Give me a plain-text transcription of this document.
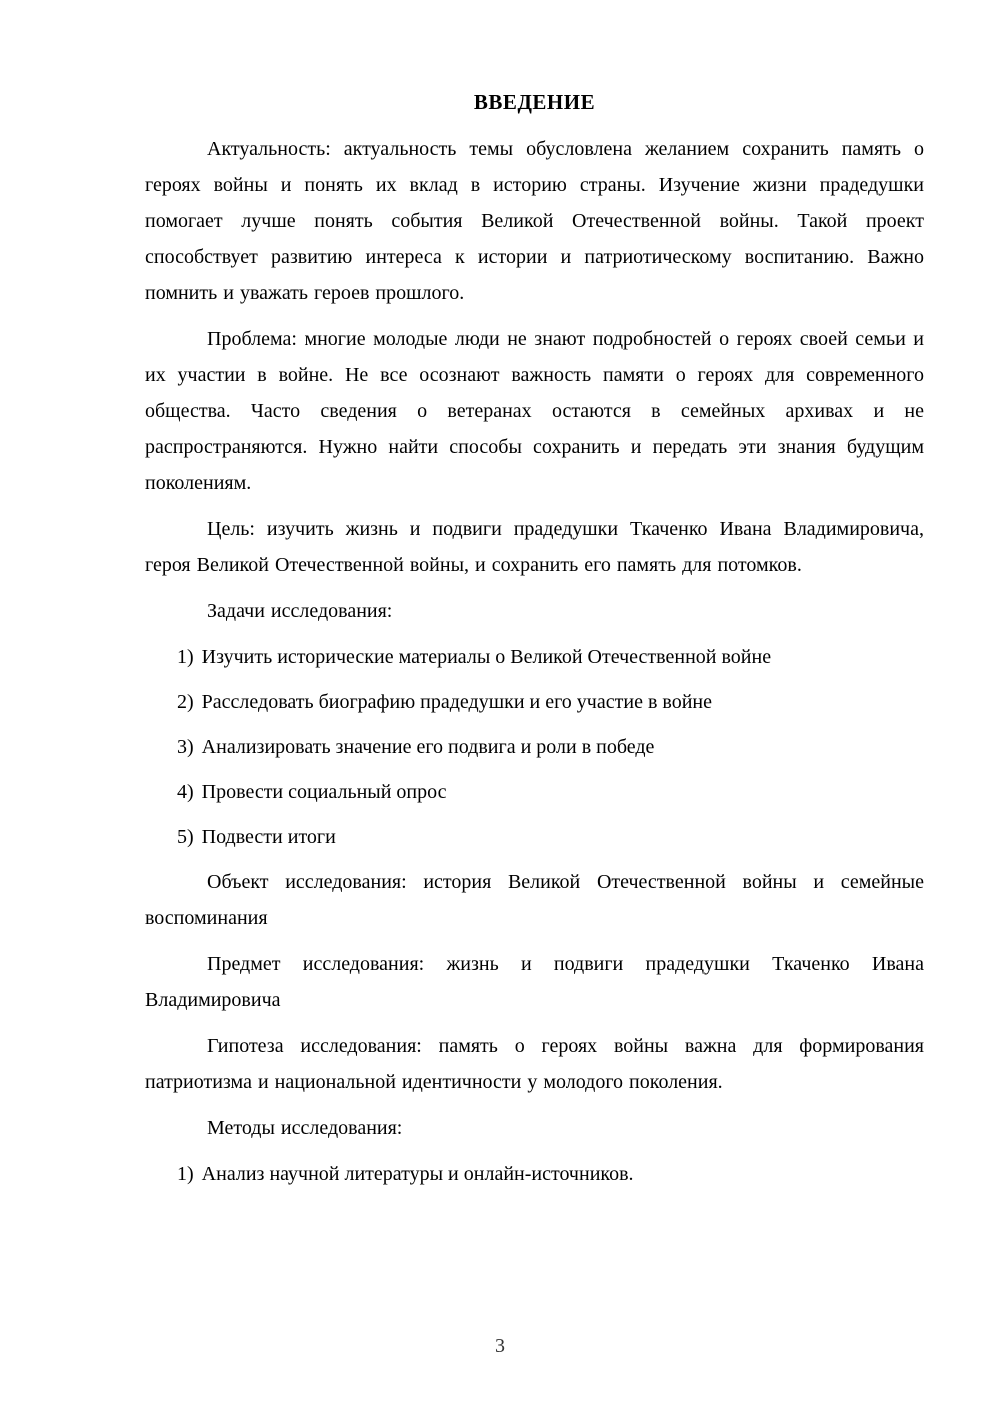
ВВЕДЕНИЕ

Актуальность: актуальность темы обусловлена желанием сохранить память о героях войны и понять их вклад в историю страны. Изучение жизни прадедушки помогает лучше понять события Великой Отечественной войны. Такой проект способствует развитию интереса к истории и патриотическому воспитанию. Важно помнить и уважать героев прошлого.

Проблема: многие молодые люди не знают подробностей о героях своей семьи и их участии в войне. Не все осознают важность памяти о героях для современного общества. Часто сведения о ветеранах остаются в семейных архивах и не распространяются. Нужно найти способы сохранить и передать эти знания будущим поколениям.

Цель: изучить жизнь и подвиги прадедушки Ткаченко Ивана Владимировича, героя Великой Отечественной войны, и сохранить его память для потомков.

Задачи исследования:

1) Изучить исторические материалы о Великой Отечественной войне

2) Расследовать биографию прадедушки и его участие в войне

3) Анализировать значение его подвига и роли в победе

4) Провести социальный опрос

5) Подвести итоги

Объект исследования: история Великой Отечественной войны и семейные воспоминания

Предмет исследования: жизнь и подвиги прадедушки Ткаченко Ивана Владимировича

Гипотеза исследования: память о героях войны важна для формирования патриотизма и национальной идентичности у молодого поколения.

Методы исследования:

1) Анализ научной литературы и онлайн-источников.

3
